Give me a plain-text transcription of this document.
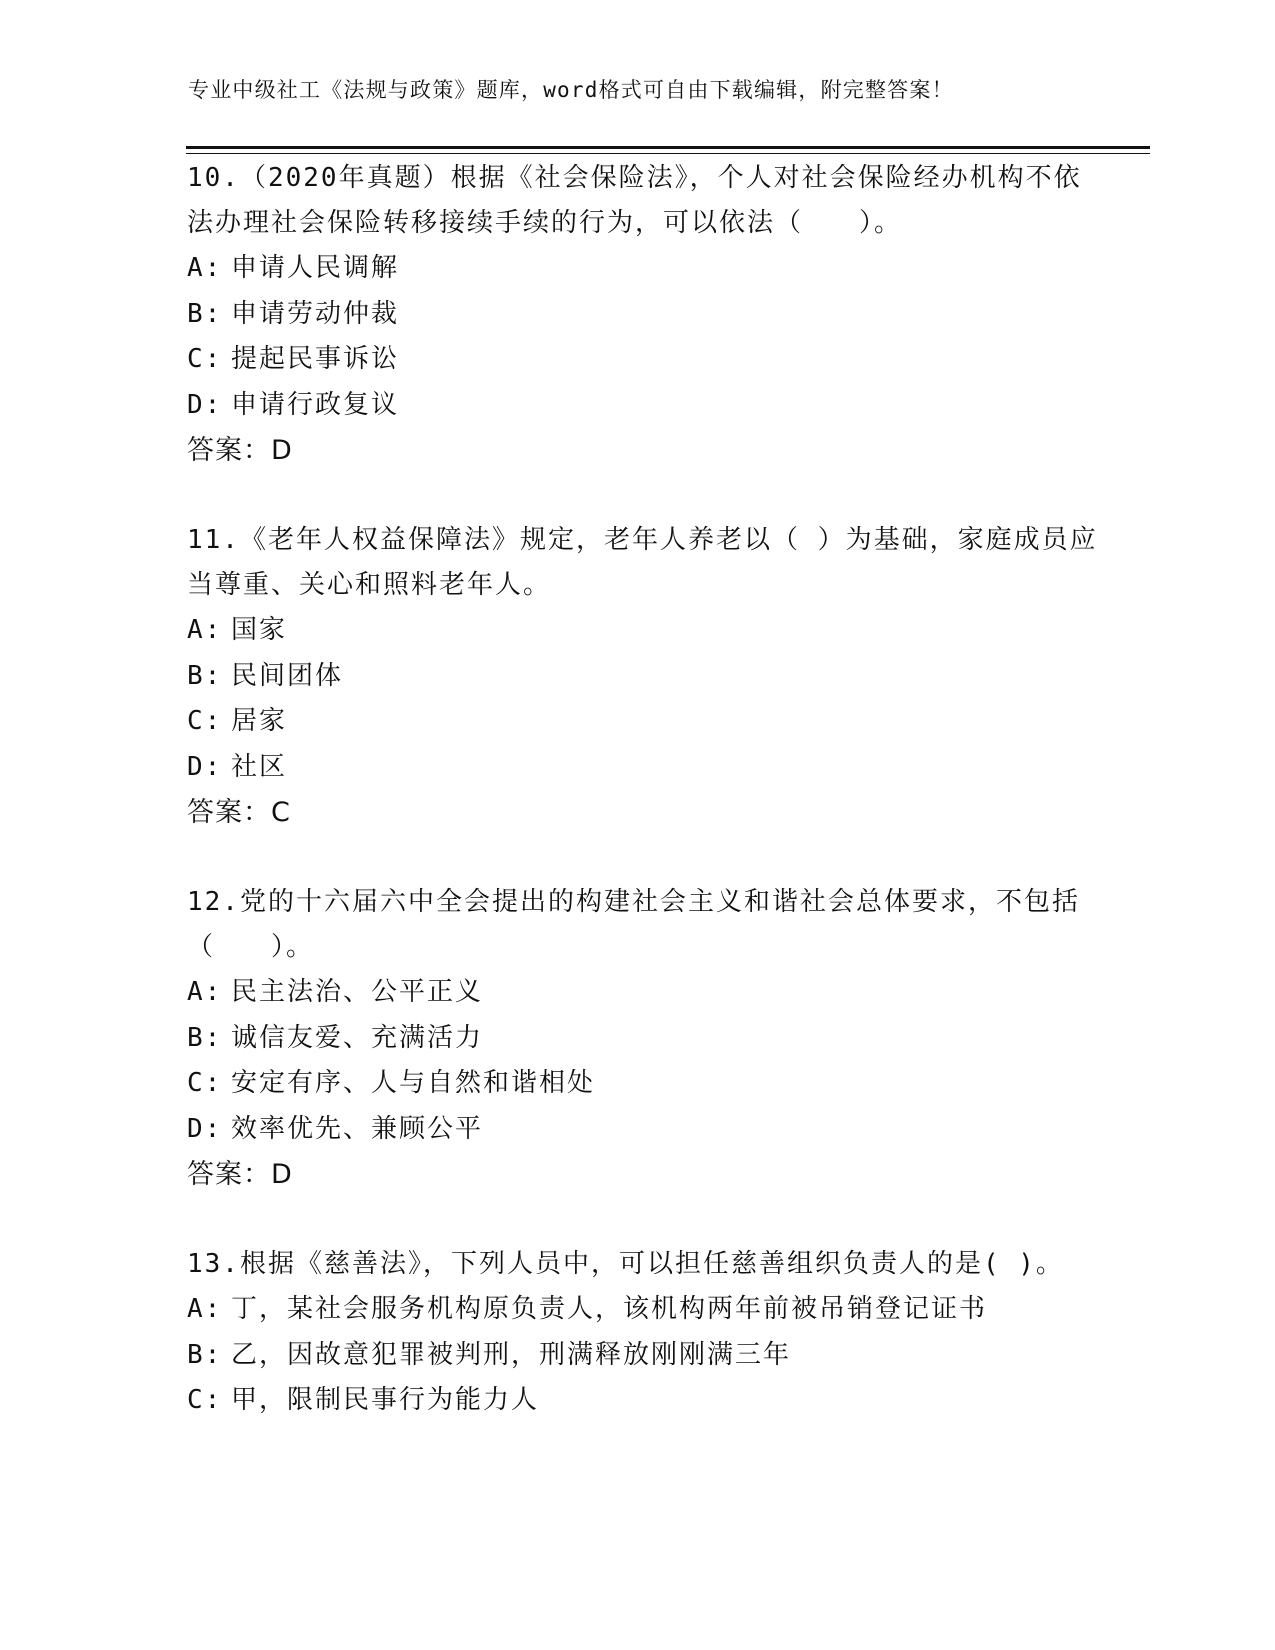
专业中级社工《法规与政策》题库，word格式可自由下载编辑，附完整答案！
10.（2020年真题）根据《社会保险法》，个人对社会保险经办机构不依法办理社会保险转移接续手续的行为，可以依法（　　）。
A: 申请人民调解
B: 申请劳动仲裁
C: 提起民事诉讼
D: 申请行政复议
答案：D
11.《老年人权益保障法》规定，老年人养老以（ ）为基础，家庭成员应当尊重、关心和照料老年人。
A: 国家
B: 民间团体
C: 居家
D: 社区
答案：C
12.党的十六届六中全会提出的构建社会主义和谐社会总体要求，不包括（　　）。
A: 民主法治、公平正义
B: 诚信友爱、充满活力
C: 安定有序、人与自然和谐相处
D: 效率优先、兼顾公平
答案：D
13.根据《慈善法》，下列人员中，可以担任慈善组织负责人的是( )。
A: 丁，某社会服务机构原负责人，该机构两年前被吊销登记证书
B: 乙，因故意犯罪被判刑，刑满释放刚刚满三年
C: 甲，限制民事行为能力人
